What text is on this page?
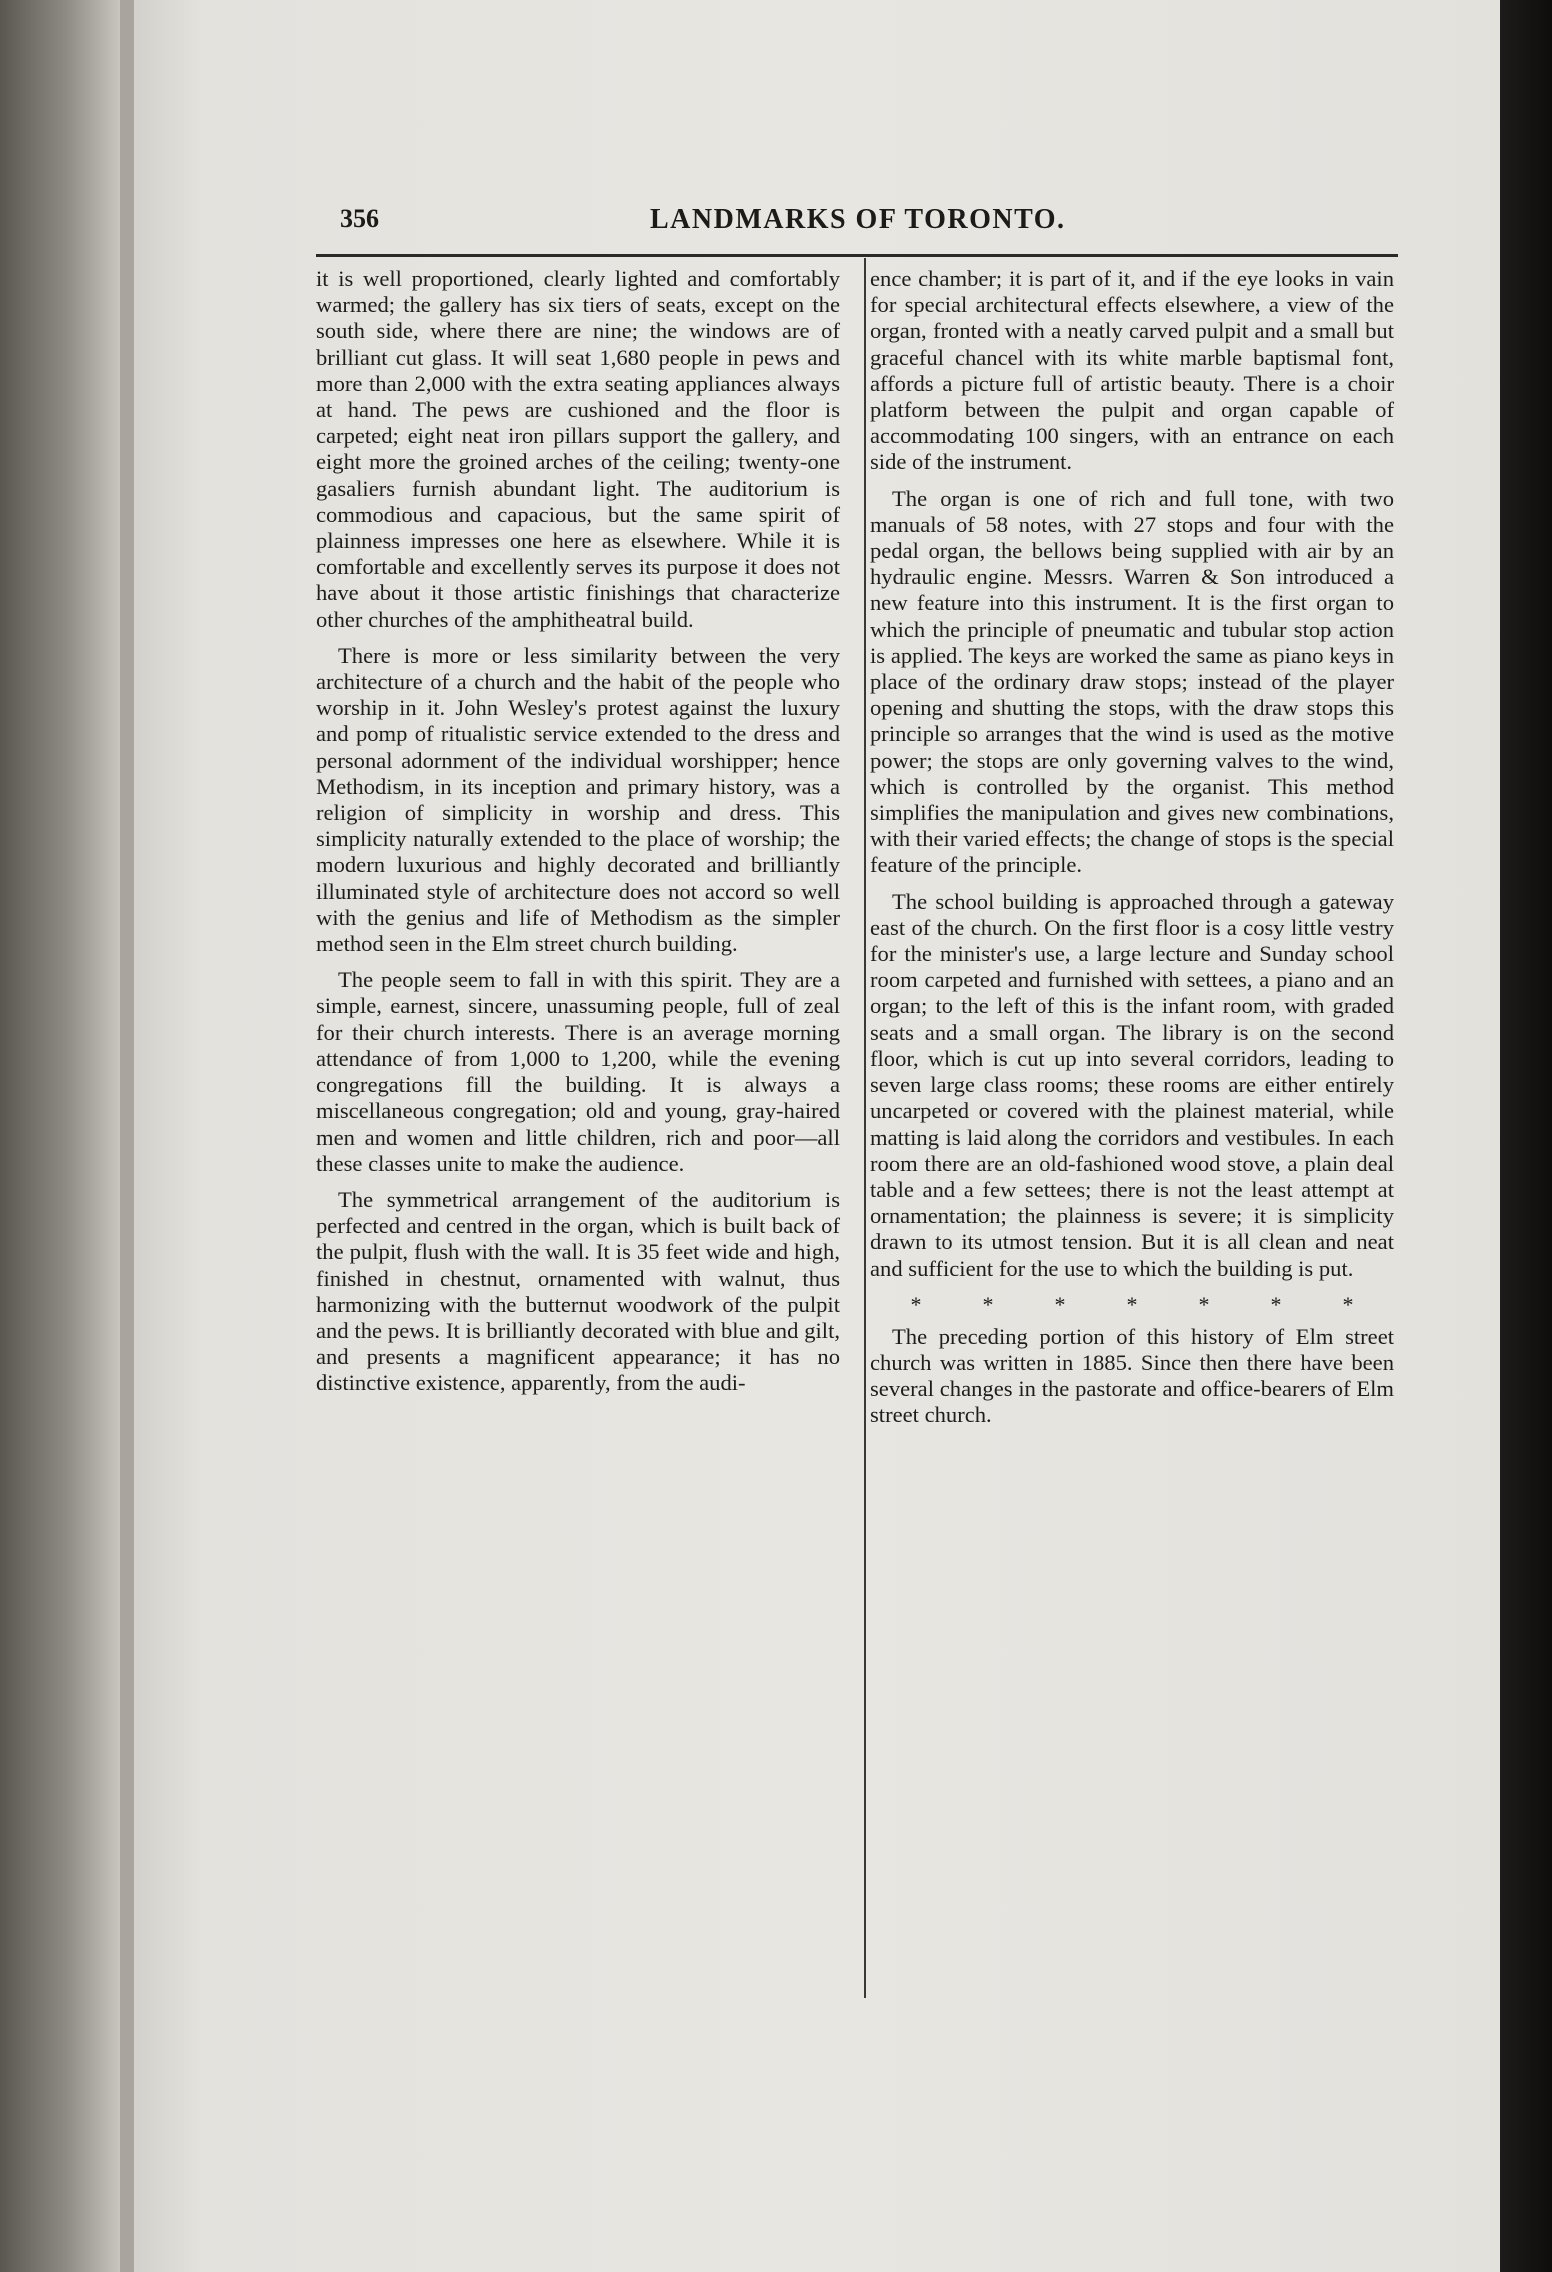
356	LANDMARKS OF TORONTO.

it is well proportioned, clearly lighted and comfortably warmed; the gallery has six tiers of seats, except on the south side, where there are nine; the windows are of brilliant cut glass. It will seat 1,680 people in pews and more than 2,000 with the extra seating appliances always at hand. The pews are cushioned and the floor is carpeted; eight neat iron pillars support the gallery, and eight more the groined arches of the ceiling; twenty-one gasaliers furnish abundant light. The auditorium is commodious and capacious, but the same spirit of plainness impresses one here as elsewhere. While it is comfortable and excellently serves its purpose it does not have about it those artistic finishings that characterize other churches of the amphitheatral build.

There is more or less similarity between the very architecture of a church and the habit of the people who worship in it. John Wesley's protest against the luxury and pomp of ritualistic service extended to the dress and personal adornment of the individual worshipper; hence Methodism, in its inception and primary history, was a religion of simplicity in worship and dress. This simplicity naturally extended to the place of worship; the modern luxurious and highly decorated and brilliantly illuminated style of architecture does not accord so well with the genius and life of Methodism as the simpler method seen in the Elm street church building.

The people seem to fall in with this spirit. They are a simple, earnest, sincere, unassuming people, full of zeal for their church interests. There is an average morning attendance of from 1,000 to 1,200, while the evening congregations fill the building. It is always a miscellaneous congregation; old and young, gray-haired men and women and little children, rich and poor—all these classes unite to make the audience.

The symmetrical arrangement of the auditorium is perfected and centred in the organ, which is built back of the pulpit, flush with the wall. It is 35 feet wide and high, finished in chestnut, ornamented with walnut, thus harmonizing with the butternut woodwork of the pulpit and the pews. It is brilliantly decorated with blue and gilt, and presents a magnificent appearance; it has no distinctive existence, apparently, from the audi-

ence chamber; it is part of it, and if the eye looks in vain for special architectural effects elsewhere, a view of the organ, fronted with a neatly carved pulpit and a small but graceful chancel with its white marble baptismal font, affords a picture full of artistic beauty. There is a choir platform between the pulpit and organ capable of accommodating 100 singers, with an entrance on each side of the instrument.

The organ is one of rich and full tone, with two manuals of 58 notes, with 27 stops and four with the pedal organ, the bellows being supplied with air by an hydraulic engine. Messrs. Warren & Son introduced a new feature into this instrument. It is the first organ to which the principle of pneumatic and tubular stop action is applied. The keys are worked the same as piano keys in place of the ordinary draw stops; instead of the player opening and shutting the stops, with the draw stops this principle so arranges that the wind is used as the motive power; the stops are only governing valves to the wind, which is controlled by the organist. This method simplifies the manipulation and gives new combinations, with their varied effects; the change of stops is the special feature of the principle.

The school building is approached through a gateway east of the church. On the first floor is a cosy little vestry for the minister's use, a large lecture and Sunday school room carpeted and furnished with settees, a piano and an organ; to the left of this is the infant room, with graded seats and a small organ. The library is on the second floor, which is cut up into several corridors, leading to seven large class rooms; these rooms are either entirely uncarpeted or covered with the plainest material, while matting is laid along the corridors and vestibules. In each room there are an old-fashioned wood stove, a plain deal table and a few settees; there is not the least attempt at ornamentation; the plainness is severe; it is simplicity drawn to its utmost tension. But it is all clean and neat and sufficient for the use to which the building is put.

*	*	*	*	*	*	*

The preceding portion of this history of Elm street church was written in 1885. Since then there have been several changes in the pastorate and office-bearers of Elm street church.
